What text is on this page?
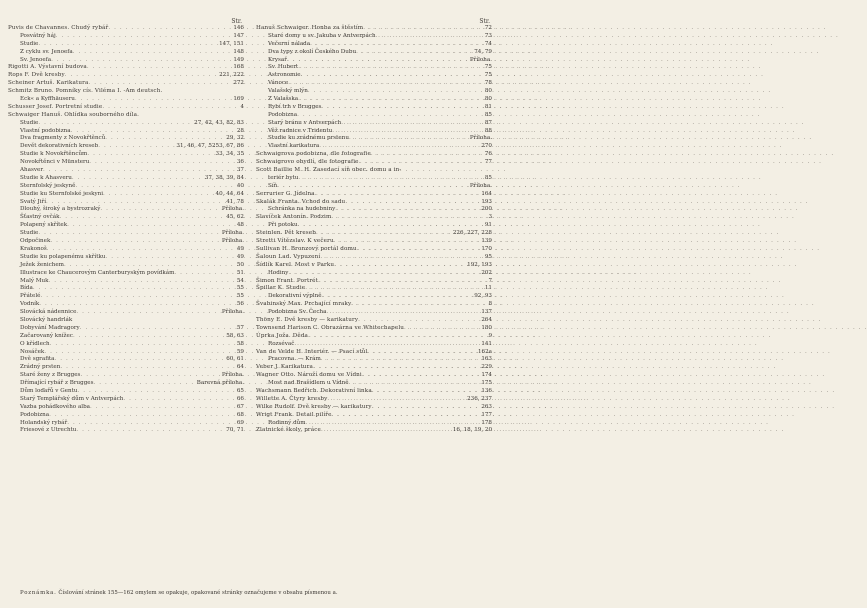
Str.
Puvis de Chavannes. Chudý rybář . . .	146
Posvátný háj . . .	147
Studie . . .	147, 151
Z cyklu sv. Jenoefa . . .	148
Sv. Jenoefa . . .	149
Rigotti A. Výstavní budova . . .	168
Rops F. Dvě kresby . . .	221, 222
Scheiner Artuš. Karikatura . . .	272
Schmitz Bruno. Pomníky cís. Viléma I. -Am deutsch.
Eck« a Kyffhäuseru . . .	169
Schusser Josef. Portretní studie . . .	4
Schwaiger Hanuš. Ohlídka souborného díla.
Studie . . .	27, 42, 43, 82, 83
Vlastní podobizna . . .	28
Dva fragmenty z Novokřtěnců . . .	29, 32
Devět dekorativních kreseb . . .	31, 46, 47, 5253, 67, 86
Studie k Novokřtěncům . . .	33, 34, 35
Novokřtěnci v Münsteru . . .	36
Ahasver . . .	37
Studie k Ahasveru . . .	37, 38, 39, 84
Sternfolský jeskyně . . .	40
Studie ku Sternfolské jeskyni . . .	40, 44, 64
Svatý Jiří . . .	41, 78
Dlouhý, široký a bystrozraký . . .	Příloha.
Šťastný ovčák . . .	45, 62
Polapený skřítek . . .	48
Studie . . .	Příloha.
Odpočinek . . .	Příloha.
Krakonoš . . .	49
Studie ku polapenému skřítku . . .	49
Ježek ženichem . . .	50
Illustrace ke Chaucerovým Canterburyským povídkám . . .	51
Malý Muk . . .	54
Bída . . .	55
Přátelé . . .	55
Vodník . . .	56
Slovácká nádennice . . .	Příloha.
Slovácký handrlák
Dobyvání Madragory . . .	57
Začarovaný knížec . . .	58, 63
O křídlech . . .	58
Nosáček . . .	59
Dvě sgrafita . . .	60, 61
Zrádný prsten . . .	64
Staré ženy z Brugges . . .	Příloha.
Dřímající rybář z Brugges . . .	Barevná příloha.
Dům loďařů v Gentu . . .	65
Starý Templářský dům v Antverpách . . .	66
Vazba pohádkového alba . . .	67
Podobizna . . .	68
Holandský rybář . . .	69
Friesové z Utrechtu . . .	70, 71
Str.
Hanuš Schwaiger. Honba za štěstím . . .	72
Staré domy u sv. Jakuba v Antverpách . . .	73
Večerní nálada . . .	74
Dva typy z okolí Českého Dubu . . .	74, 79
Krysař . . .	Příloha.
Sv. Hubert . . .	75
Astronomie . . .	75
Vánoce . . .	78
Valašský mlýn . . .	80
Z Valašska . . .	80
Rybí trh v Brugges . . .	81
Podobizna . . .	85
Starý bránu v Antverpách . . .	87
Věž radnice v Tridentu . . .	88
Studie ku zrádnému prstenu . . .	Příloha.
Vlastní karikatura . . .	270
Schwaigrova podobizna, dle fotografie . . .	76
Schwaigrovo obydlí, dle fotografie . . .	77
Scott Baillie M. H. Zasedací síň obec. domu a in-
teriér bytu . . .	85
Síň . . .	Příloha.
Serrurier G. Jídelna . . .	164
Skalák Franta. Vchod do sadu . . .	193
Schránka na hudebniny . . .	200
Slavíček Antonín. Podzim . . .	3
Při potoku . . .	91
Steinlen. Pět kreseb . . .	226, 227, 228
Stretti Vítězslav. K večeru . . .	139
Sullivan H. Bronzový portál domu . . .	170
Šaloun Lad. Vypuzení . . .	95
Šídlík Karel. Most v Parku . . .	192, 193
Hodiny . . .	202
Šimon Frant. Portrét . . .	7
Špillar K. Studie . . .	11
Dekorativní výplně . . .	92, 93
Švabinský Max. Prchající mraky . . .	8
Podobizna Sv. Čecha . . .	137
Thöny E. Dvě kresby — karikatury . . .	264
Townsend Harison C. Obrazárna ve Whitechapelu . . .	180
Úprka Joža. Děda . . .	9
Rozsévač . . .	141
Van de Velde H. Interiér. — Psací stůl . . .	162a
Pracovna. — Krám . . .	163
Veber J. Karikatura . . .	229
Wagner Otto. Nároží domu ve Vídni . . .	174
Most nad Brašídlem u Vídně . . .	175
Wachsmann Bedřich. Dekorativní linka . . .	136
Willette A. Čtyry kresby . . .	236, 237
Wilke Rudolf. Dvě kresby — karikatury . . .	263
Wrigt Frank. Detail pilíře . . .	177
Rodinný dům . . .	178
Zlatnické školy, práce . . .	16, 18, 19, 20
Poznámka. Číslování stránek 155—162 omylem se opakuje, opakované stránky označujeme v obsahu písmenou a.
